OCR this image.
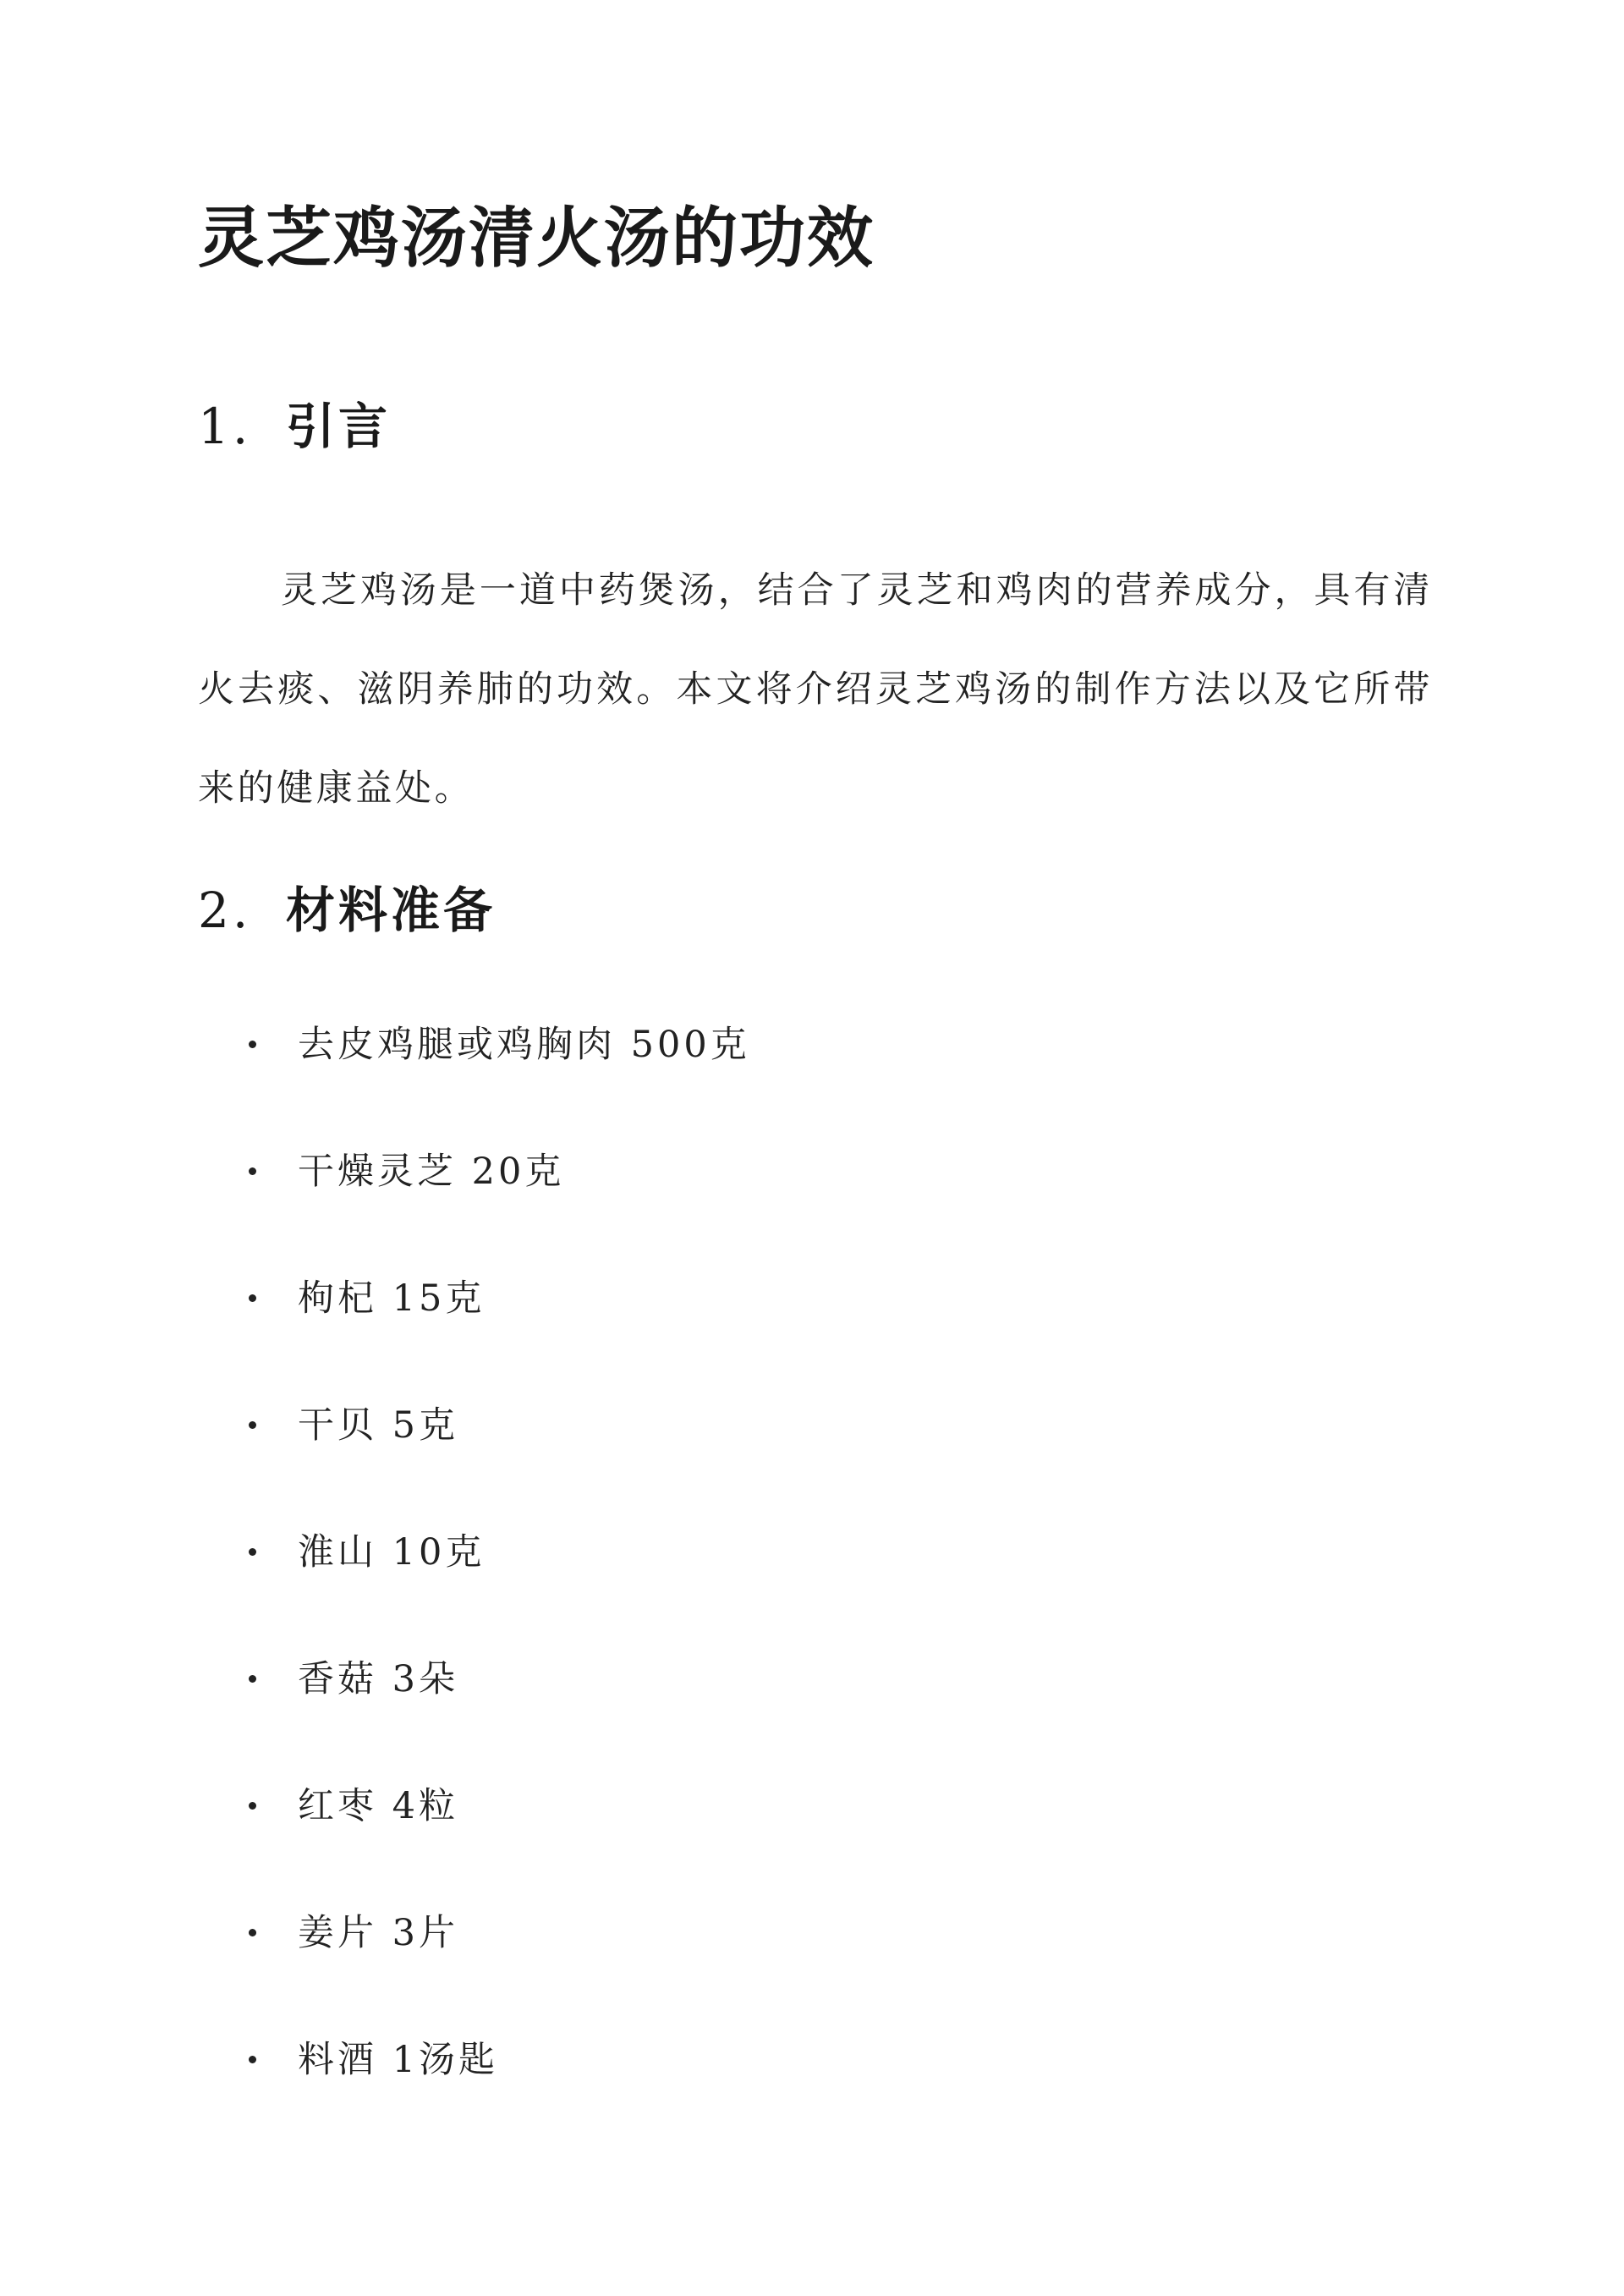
灵芝鸡汤清火汤的功效
1. 引言

灵芝鸡汤是一道中药煲汤，结合了灵芝和鸡肉的营养成分，具有清火去痰、滋阴养肺的功效。本文将介绍灵芝鸡汤的制作方法以及它所带来的健康益处。

2. 材料准备
去皮鸡腿或鸡胸肉 500克
干燥灵芝 20克
枸杞 15克
干贝 5克
淮山 10克
香菇 3朵
红枣 4粒
姜片 3片
料酒 1汤匙
